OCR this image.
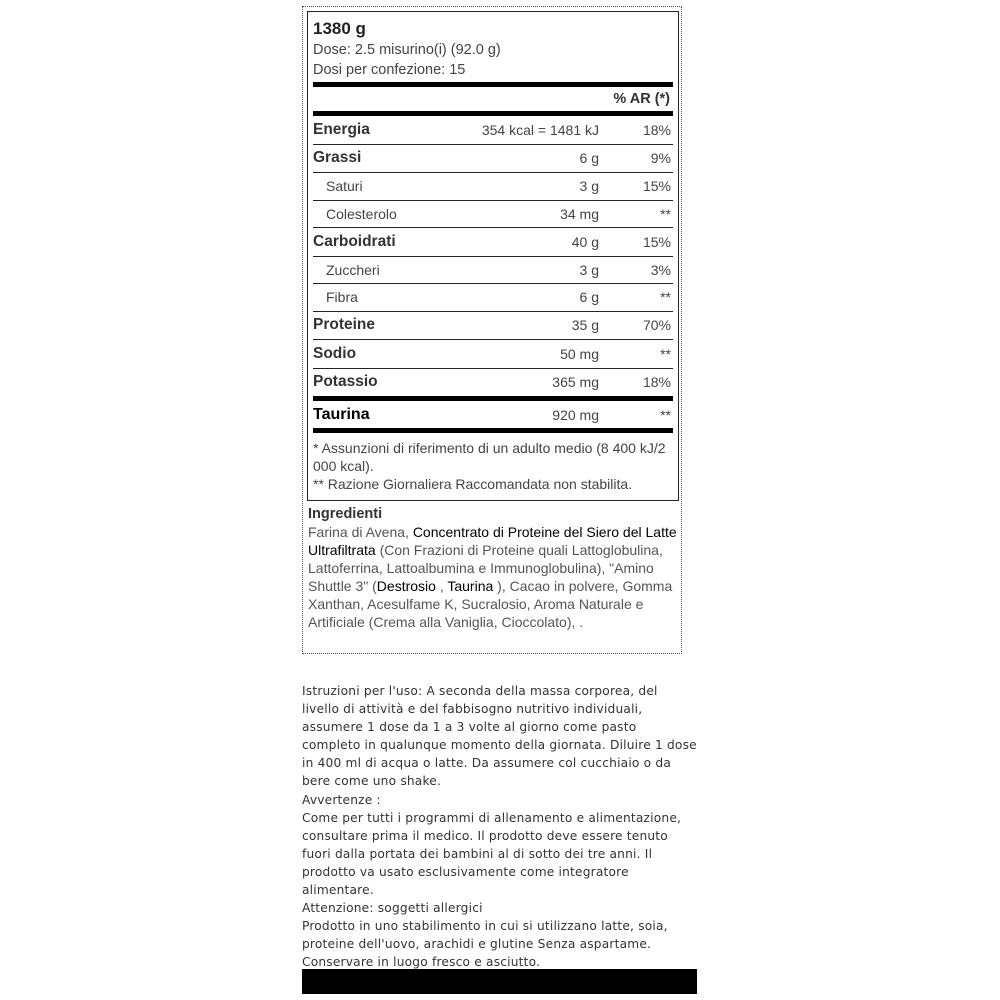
1380 g
Dose: 2.5 misurino(i) (92.0 g)
Dosi per confezione: 15
% AR (*)
Energia	354 kcal = 1481 kJ	18%
Grassi	6 g	9%
Saturi	3 g	15%
Colesterolo	34 mg	**
Carboidrati	40 g	15%
Zuccheri	3 g	3%
Fibra	6 g	**
Proteine	35 g	70%
Sodio	50 mg	**
Potassio	365 mg	18%
Taurina	920 mg	**
* Assunzioni di riferimento di un adulto medio (8 400 kJ/2 000 kcal).
** Razione Giornaliera Raccomandata non stabilita.
Ingredienti
Farina di Avena, Concentrato di Proteine del Siero del Latte Ultrafiltrata (Con Frazioni di Proteine quali Lattoglobulina, Lattoferrina, Lattoalbumina e Immunoglobulina), "Amino Shuttle 3" (Destrosio , Taurina ), Cacao in polvere, Gomma Xanthan, Acesulfame K, Sucralosio, Aroma Naturale e Artificiale (Crema alla Vaniglia, Cioccolato), .

Istruzioni per l'uso: A seconda della massa corporea, del livello di attività e del fabbisogno nutritivo individuali, assumere 1 dose da 1 a 3 volte al giorno come pasto completo in qualunque momento della giornata. Diluire 1 dose in 400 ml di acqua o latte. Da assumere col cucchiaio o da bere come uno shake.

Avvertenze :

Come per tutti i programmi di allenamento e alimentazione, consultare prima il medico. Il prodotto deve essere tenuto fuori dalla portata dei bambini al di sotto dei tre anni. Il prodotto va usato esclusivamente come integratore alimentare.

Attenzione: soggetti allergici

Prodotto in uno stabilimento in cui si utilizzano latte, soia, proteine dell'uovo, arachidi e glutine Senza aspartame.

Conservare in luogo fresco e asciutto.
